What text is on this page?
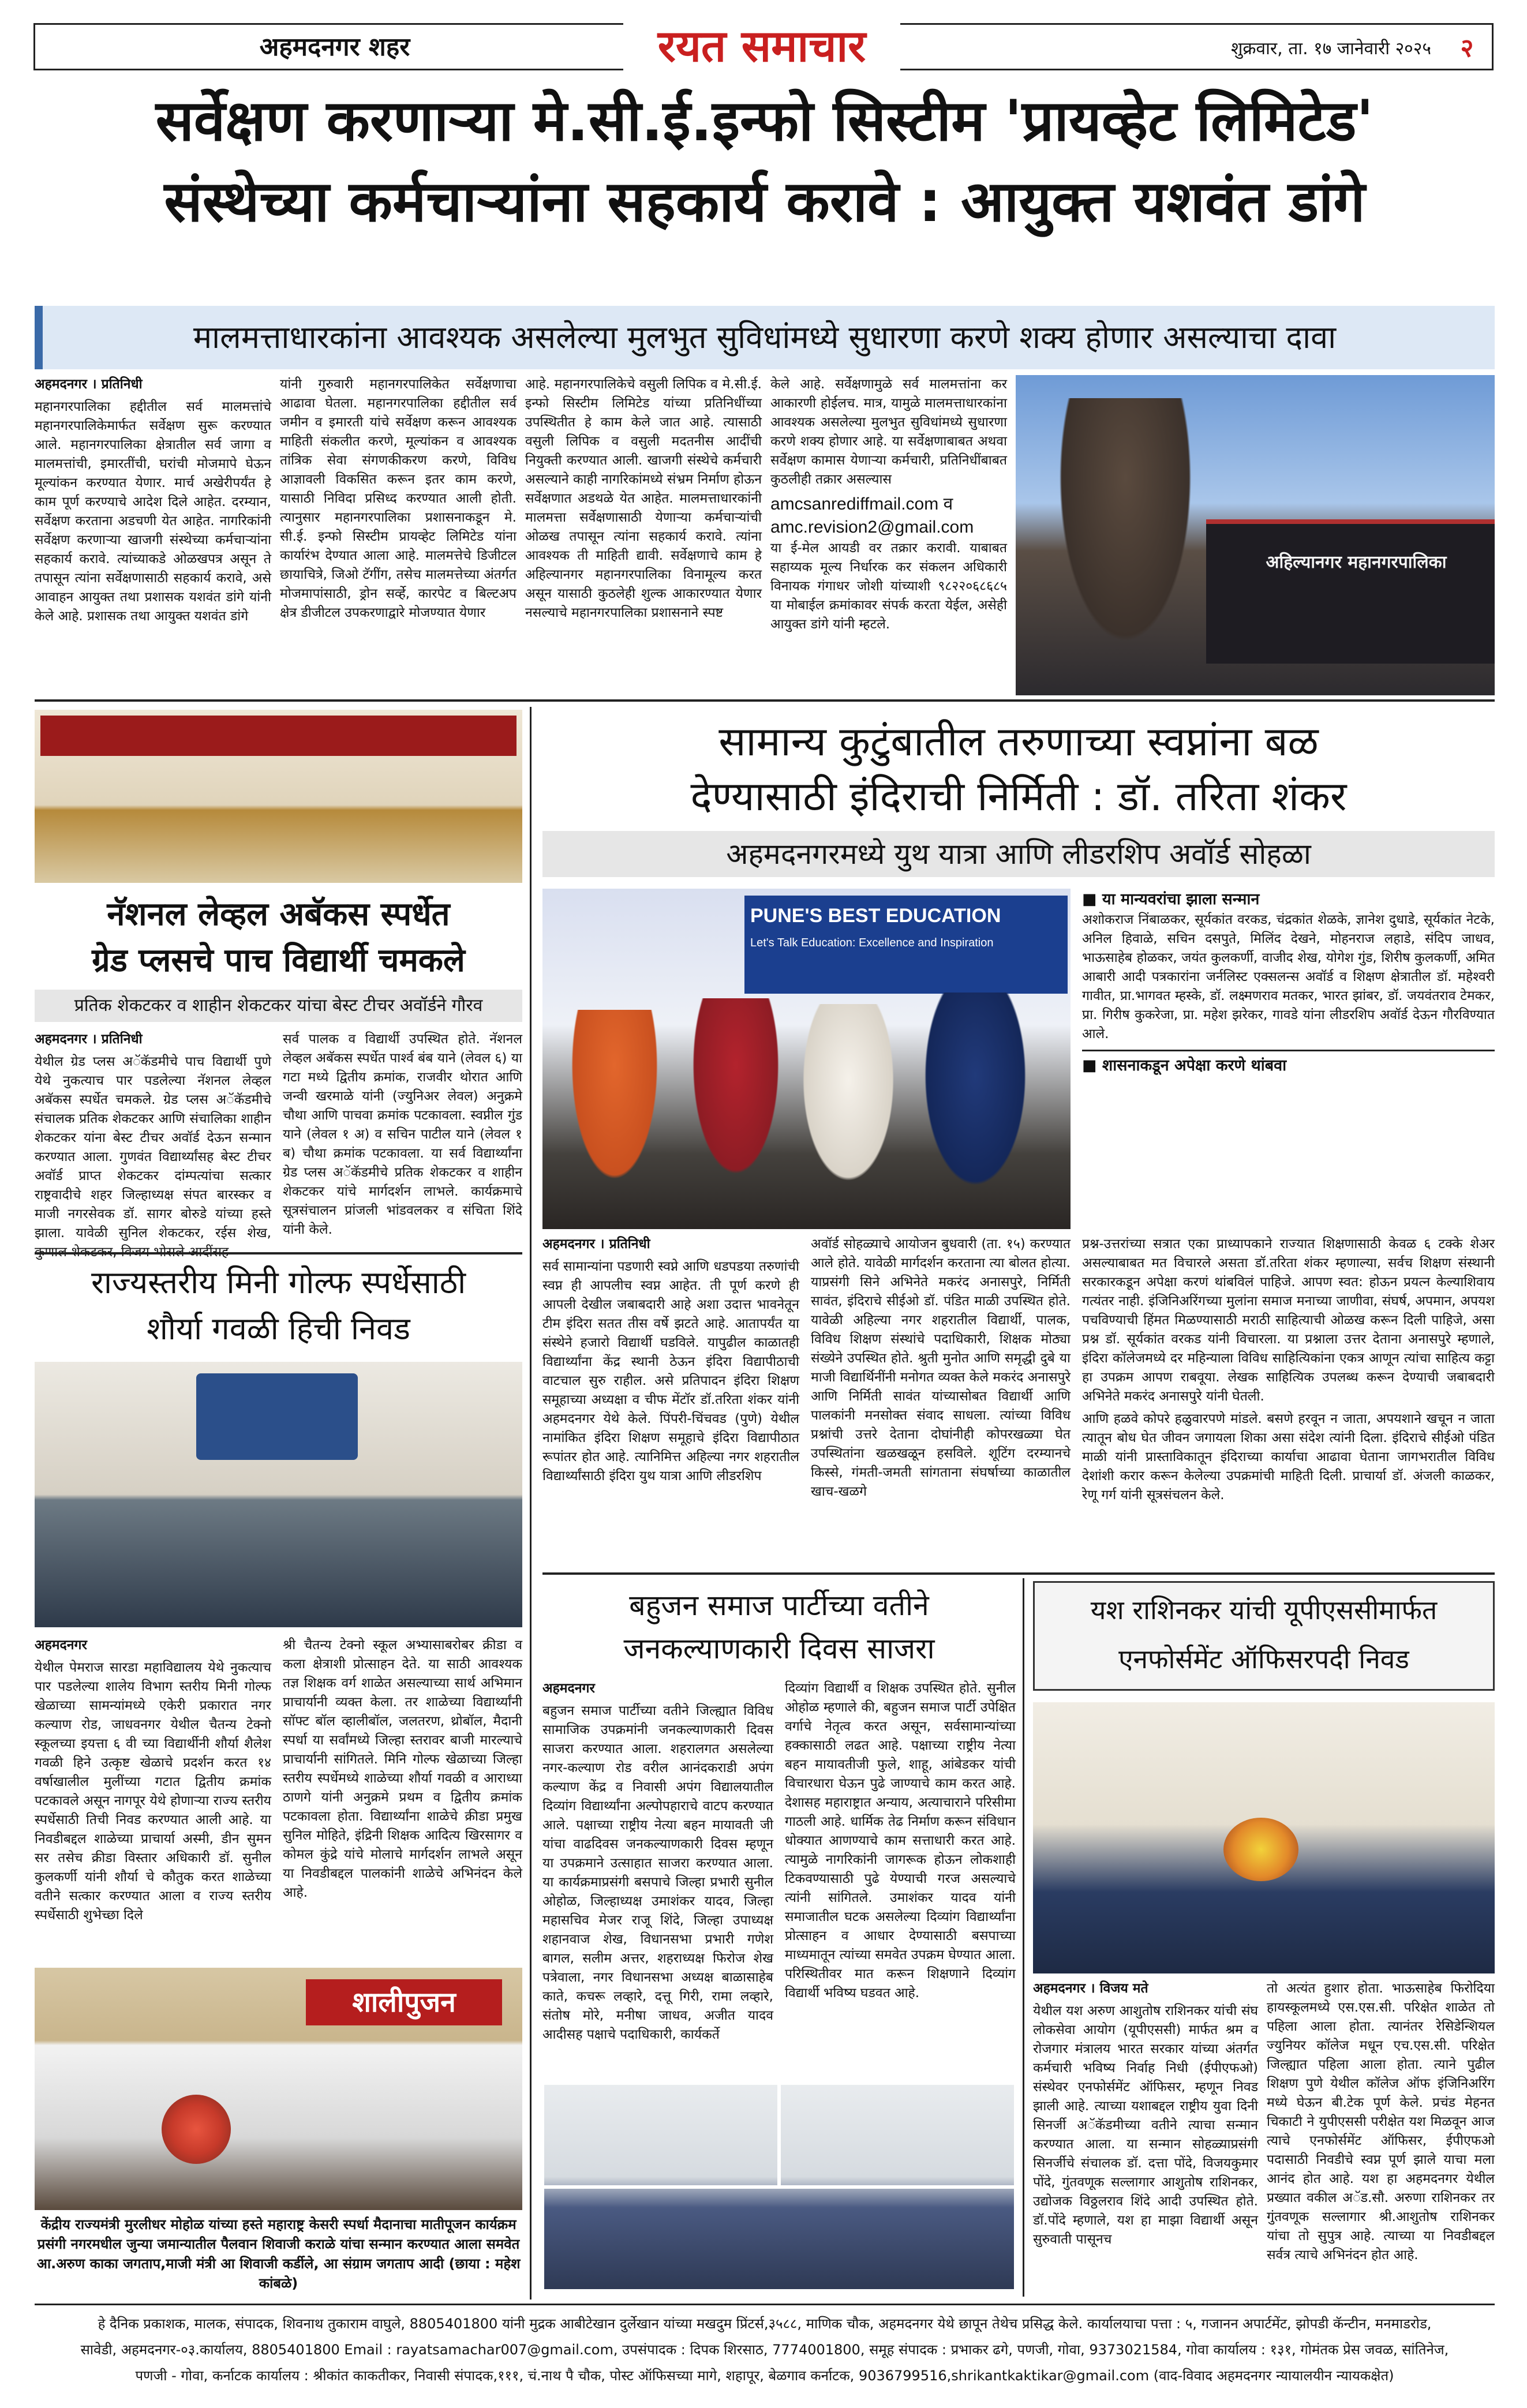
अहमदनगर शहर	रयत समाचार	शुक्रवार, ता. १७ जानेवारी २०२५	२
सर्वेक्षण करणाऱ्या मे.सी.ई.इन्फो सिस्टीम 'प्रायव्हेट लिमिटेड'
संस्थेच्या कर्मचाऱ्यांना सहकार्य करावे : आयुक्त यशवंत डांगे
मालमत्ताधारकांना आवश्यक असलेल्या मुलभुत सुविधांमध्ये सुधारणा करणे शक्य होणार असल्याचा दावा

अहमदनगर । प्रतिनिधी

महानगरपालिका हद्दीतील सर्व मालमत्तांचे महानगरपालिकेमार्फत सर्वेक्षण सुरू करण्यात आले. महानगरपालिका क्षेत्रातील सर्व जागा व मालमत्तांची, इमारतींची, घरांची मोजमापे घेऊन मूल्यांकन करण्यात येणार. मार्च अखेरीपर्यंत हे काम पूर्ण करण्याचे आदेश दिले आहेत. दरम्यान, सर्वेक्षण करताना अडचणी येत आहेत. नागरिकांनी सर्वेक्षण करणाऱ्या खाजगी संस्थेच्या कर्मचाऱ्यांना सहकार्य करावे. त्यांच्याकडे ओळखपत्र असून ते तपासून त्यांना सर्वेक्षणासाठी सहकार्य करावे, असे आवाहन आयुक्त तथा प्रशासक यशवंत डांगे यांनी केले आहे. प्रशासक तथा आयुक्त यशवंत डांगे

यांनी गुरुवारी महानगरपालिकेत सर्वेक्षणाचा आढावा घेतला. महानगरपालिका हद्दीतील सर्व जमीन व इमारती यांचे सर्वेक्षण करून आवश्यक माहिती संकलीत करणे, मूल्यांकन व आवश्यक तांत्रिक सेवा संगणकीकरण करणे, विविध आज्ञावली विकसित करून इतर काम करणे, यासाठी निविदा प्रसिध्द करण्यात आली होती. त्यानुसार महानगरपालिका प्रशासनाकडून मे. सी.ई. इन्फो सिस्टीम प्रायव्हेट लिमिटेड यांना कार्यारंभ देण्यात आला आहे. मालमत्तेचे डिजीटल छायाचित्रे, जिओ टॅगींग, तसेच मालमत्तेच्या अंतर्गत मोजमापांसाठी, ड्रोन सर्व्हे, कारपेट व बिल्टअप क्षेत्र डीजीटल उपकरणाद्वारे मोजण्यात येणार

आहे. महानगरपालिकेचे वसुली लिपिक व मे.सी.ई. इन्फो सिस्टीम लिमिटेड यांच्या प्रतिनिधींच्या उपस्थितीत हे काम केले जात आहे. त्यासाठी वसुली लिपिक व वसुली मदतनीस आदींची नियुक्ती करण्यात आली. खाजगी संस्थेचे कर्मचारी असल्याने काही नागरिकांमध्ये संभ्रम निर्माण होऊन सर्वेक्षणात अडथळे येत आहेत. मालमत्ताधारकांनी मालमत्ता सर्वेक्षणासाठी येणाऱ्या कर्मचाऱ्यांची ओळख तपासून त्यांना सहकार्य करावे. त्यांना आवश्यक ती माहिती द्यावी. सर्वेक्षणाचे काम हे अहिल्यानगर महानगरपालिका विनामूल्य करत असून यासाठी कुठलेही शुल्क आकारण्यात येणार नसल्याचे महानगरपालिका प्रशासनाने स्पष्ट

केले आहे. सर्वेक्षणामुळे सर्व मालमत्तांना कर आकारणी होईलच. मात्र, यामुळे मालमत्ताधारकांना आवश्यक असलेल्या मुलभुत सुविधांमध्ये सुधारणा करणे शक्य होणार आहे. या सर्वेक्षणाबाबत अथवा सर्वेक्षण कामास येणाऱ्या कर्मचारी, प्रतिनिधींबाबत कुठलीही तक्रार असल्यास

amcsanrediffmail.com व
amc.revision2@gmail.com

या ई-मेल आयडी वर तक्रार करावी. याबाबत सहाय्यक मूल्य निर्धारक कर संकलन अधिकारी विनायक गंगाधर जोशी यांच्याशी ९८२२०६८६८५ या मोबाईल क्रमांकावर संपर्क करता येईल, असेही आयुक्त डांगे यांनी म्हटले.

अहिल्यानगर महानगरपालिका
नॅशनल लेव्हल अबॅकस स्पर्धेत
ग्रेड प्लसचे पाच विद्यार्थी चमकले
प्रतिक शेकटकर व शाहीन शेकटकर यांचा बेस्ट टीचर अवॉर्डने गौरव

अहमदनगर । प्रतिनिधी

येथील ग्रेड प्लस अॅकॅडमीचे पाच विद्यार्थी पुणे येथे नुकत्याच पार पडलेल्या नॅशनल लेव्हल अबॅकस स्पर्धेत चमकले. ग्रेड प्लस अॅकॅडमीचे संचालक प्रतिक शेकटकर आणि संचालिका शाहीन शेकटकर यांना बेस्ट टीचर अवॉर्ड देऊन सन्मान करण्यात आला. गुणवंत विद्यार्थ्यांसह बेस्ट टीचर अवॉर्ड प्राप्त शेकटकर दांम्पत्यांचा सत्कार राष्ट्रवादीचे शहर जिल्हाध्यक्ष संपत बारस्कर व माजी नगरसेवक डॉ. सागर बोरुडे यांच्या हस्ते झाला. यावेळी सुनिल शेकटकर, रईस शेख,

सर्व पालक व विद्यार्थी उपस्थित होते. नॅशनल लेव्हल अबॅकस स्पर्धेत पार्श्व बंब याने (लेवल ६) या गटा मध्ये द्वितीय क्रमांक, राजवीर थोरात आणि जन्वी खरमाळे यांनी (ज्युनिअर लेवल) अनुक्रमे चौथा आणि पाचवा क्रमांक पटकावला. स्वप्नील गुंड याने (लेवल १ अ) व सचिन पाटील याने (लेवल १ ब) चौथा क्रमांक पटकावला. या सर्व विद्यार्थ्यांना ग्रेड प्लस अॅकॅडमीचे प्रतिक शेकटकर व शाहीन शेकटकर यांचे मार्गदर्शन लाभले. कार्यक्रमाचे सूत्रसंचालन प्रांजली भांडवलकर व संचिता शिंदे यांनी केले.

राज्यस्तरीय मिनी गोल्फ स्पर्धेसाठी
शौर्या गवळी हिची निवड

अहमदनगर

येथील पेमराज सारडा महाविद्यालय येथे नुकत्याच पार पडलेल्या शालेय विभाग स्तरीय मिनी गोल्फ खेळाच्या सामन्यांमध्ये एकेरी प्रकारात नगर कल्याण रोड, जाधवनगर येथील चैतन्य टेक्नो स्कूलच्या इयत्ता ६ वी च्या विद्यार्थीनी शौर्या शैलेश गवळी हिने उत्कृष्ट खेळाचे प्रदर्शन करत १४ वर्षाखालील मुलींच्या गटात द्वितीय क्रमांक पटकावले असून नागपूर येथे होणाऱ्या राज्य स्तरीय स्पर्धेसाठी तिची निवड करण्यात आली आहे. या निवडीबद्दल शाळेच्या प्राचार्या अस्मी, डीन सुमन सर तसेच क्रीडा विस्तार अधिकारी डॉ. सुनील कुलकर्णी यांनी शौर्या चे कौतुक करत शाळेच्या वतीने सत्कार करण्यात आला व राज्य स्तरीय स्पर्धेसाठी शुभेच्छा दिले

श्री चैतन्य टेक्नो स्कूल अभ्यासाबरोबर क्रीडा व कला क्षेत्राशी प्रोत्साहन देते. या साठी आवश्यक तज्ञ शिक्षक वर्ग शाळेत असल्याच्या सार्थ अभिमान प्राचार्यानी व्यक्त केला. तर शाळेच्या विद्यार्थ्यांनी सॉफ्ट बॉल व्हालीबॉल, जलतरण, थ्रोबॉल, मैदानी स्पर्धा या सर्वांमध्ये जिल्हा स्तरावर बाजी मारल्याचे प्राचार्यानी सांगितले. मिनि गोल्फ खेळाच्या जिल्हा स्तरीय स्पर्धेमध्ये शाळेच्या शौर्या गवळी व आराध्या ठाणगे यांनी अनुक्रमे प्रथम व द्वितीय क्रमांक पटकावला होता. विद्यार्थ्यांना शाळेचे क्रीडा प्रमुख सुनिल मोहिते, इंद्रिनी शिक्षक आदित्य खिरसागर व कोमल कुंद्रे यांचे मोलाचे मार्गदर्शन लाभले असून या निवडीबद्दल पालकांनी शाळेचे अभिनंदन केले आहे.

शालीपुजन
केंद्रीय राज्यमंत्री मुरलीधर मोहोळ यांच्या हस्ते महाराष्ट्र केसरी स्पर्धा मैदानाचा मातीपूजन कार्यक्रम प्रसंगी नगरमधील जुन्या जमान्यातील पैलवान शिवाजी कराळे यांचा सन्मान करण्यात आला समवेत आ.अरुण काका जगताप,माजी मंत्री आ शिवाजी कर्डीले, आ संग्राम जगताप आदी (छाया : महेश कांबळे)
सामान्य कुटुंबातील तरुणाच्या स्वप्नांना बळ
देण्यासाठी इंदिराची निर्मिती : डॉ. तरिता शंकर
अहमदनगरमध्ये युथ यात्रा आणि लीडरशिप अवॉर्ड सोहळा
PUNE'S BEST EDUCATION
Let's Talk Education: Excellence and Inspiration
■ या मान्यवरांचा झाला सन्मान
अशोकराज निंबाळकर, सूर्यकांत वरकड, चंद्रकांत शेळके, ज्ञानेश दुधाडे, सूर्यकांत नेटके, अनिल हिवाळे, सचिन दसपुते, मिलिंद देखने, मोहनराज लहाडे, संदिप जाधव, भाऊसाहेब होळकर, जयंत कुलकर्णी, वाजीद शेख, योगेश गुंड, शिरीष कुलकर्णी, अमित आबारी आदी पत्रकारांना जर्नलिस्ट एक्सलन्स अवॉर्ड व शिक्षण क्षेत्रातील डॉ. महेश्वरी गावीत, प्रा.भागवत म्हस्के, डॉ. लक्ष्मणराव मतकर, भारत झांबर, डॉ. जयवंतराव टेमकर, प्रा. गिरीष कुकरेजा, प्रा. महेश झरेकर, गावडे यांना लीडरशिप अवॉर्ड देऊन गौरविण्यात आले.
■ शासनाकडून अपेक्षा करणे थांबवा

अहमदनगर । प्रतिनिधी

सर्व सामान्यांना पडणारी स्वप्ने आणि धडपडया तरुणांची स्वप्न ही आपलीच स्वप्न आहेत. ती पूर्ण करणे ही आपली देखील जबाबदारी आहे अशा उदात्त भावनेतून टीम इंदिरा सतत तीस वर्षे झटते आहे. आतापर्यंत या संस्थेने हजारो विद्यार्थी घडविले. यापुढील काळातही विद्यार्थ्यांना केंद्र स्थानी ठेऊन इंदिरा विद्यापीठाची वाटचाल सुरु राहील. असे प्रतिपादन इंदिरा शिक्षण समूहाच्या अध्यक्षा व चीफ मेंटॉर डॉ.तरिता शंकर यांनी अहमदनगर येथे केले. पिंपरी-चिंचवड (पुणे) येथील नामांकित इंदिरा शिक्षण समूहाचे इंदिरा विद्यापीठात रूपांतर होत आहे. त्यानिमित्त अहिल्या नगर शहरातील विद्यार्थ्यांसाठी इंदिरा युथ यात्रा आणि लीडरशिप

अवॉर्ड सोहळ्याचे आयोजन बुधवारी (ता. १५) करण्यात आले होते. यावेळी मार्गदर्शन करताना त्या बोलत होत्या. याप्रसंगी सिने अभिनेते मकरंद अनासपुरे, निर्मिती सावंत, इंदिराचे सीईओ डॉ. पंडित माळी उपस्थित होते. यावेळी अहिल्या नगर शहरातील विद्यार्थी, पालक, विविध शिक्षण संस्थांचे पदाधिकारी, शिक्षक मोठ्या संख्येने उपस्थित होते. श्रुती मुनोत आणि समृद्धी दुबे या माजी विद्यार्थिनींनी मनोगत व्यक्त केले मकरंद अनासपुरे आणि निर्मिती सावंत यांच्यासोबत विद्यार्थी आणि पालकांनी मनसोक्त संवाद साधला. त्यांच्या विविध प्रश्नांची उत्तरे देताना दोघांनीही कोपरखळ्या घेत उपस्थितांना खळखळून हसविले. शूटिंग दरम्यानचे किस्से, गंमती-जमती सांगताना संघर्षाच्या काळातील खाच-खळगे

प्रश्न-उत्तरांच्या सत्रात एका प्राध्यापकाने राज्यात शिक्षणासाठी केवळ ६ टक्के शेअर असल्याबाबत मत विचारले असता डॉ.तरिता शंकर म्हणाल्या, सर्वच शिक्षण संस्थानी सरकारकडून अपेक्षा करणं थांबविलं पाहिजे. आपण स्वत: होऊन प्रयत्न केल्याशिवाय गत्यंतर नाही. इंजिनिअरिंगच्या मुलांना समाज मनाच्या जाणीवा, संघर्ष, अपमान, अपयश पचविण्याची हिंमत मिळण्यासाठी मराठी साहित्याची ओळख करून दिली पाहिजे, असा प्रश्न डॉ. सूर्यकांत वरकड यांनी विचारला. या प्रश्नाला उत्तर देताना अनासपुरे म्हणाले, इंदिरा कॉलेजमध्ये दर महिन्याला विविध साहित्यिकांना एकत्र आणून त्यांचा साहित्य कट्टा हा उपक्रम आपण राबवूया. लेखक साहित्यिक उपलब्ध करून देण्याची जबाबदारी अभिनेते मकरंद अनासपुरे यांनी घेतली.

आणि हळवे कोपरे हळुवारपणे मांडले. बसणे हरवून न जाता, अपयशाने खचून न जाता त्यातून बोध घेत जीवन जगायला शिका असा संदेश त्यांनी दिला. इंदिराचे सीईओ पंडित माळी यांनी प्रास्ताविकातून इंदिराच्या कार्याचा आढावा घेताना जागभरातील विविध देशांशी करार करून केलेल्या उपक्रमांची माहिती दिली. प्राचार्या डॉ. अंजली काळकर, रेणू गर्ग यांनी सूत्रसंचलन केले.

बहुजन समाज पार्टीच्या वतीने
जनकल्याणकारी दिवस साजरा

अहमदनगर

बहुजन समाज पार्टीच्या वतीने जिल्ह्यात विविध सामाजिक उपक्रमांनी जनकल्याणकारी दिवस साजरा करण्यात आला. शहरालगत असलेल्या नगर-कल्याण रोड वरील आनंदकराडी अपंग कल्याण केंद्र व निवासी अपंग विद्यालयातील दिव्यांग विद्यार्थ्यांना अल्पोपहाराचे वाटप करण्यात आले. पक्षाच्या राष्ट्रीय नेत्या बहन मायावती जी यांचा वाढदिवस जनकल्याणकारी दिवस म्हणून या उपक्रमाने उत्साहात साजरा करण्यात आला. या कार्यक्रमाप्रसंगी बसपाचे जिल्हा प्रभारी सुनील ओहोळ, जिल्हाध्यक्ष उमाशंकर यादव, जिल्हा महासचिव मेजर राजू शिंदे, जिल्हा उपाध्यक्ष शहानवाज शेख, विधानसभा प्रभारी गणेश बागल, सलीम अत्तर, शहराध्यक्ष फिरोज शेख पत्रेवाला, नगर विधानसभा अध्यक्ष बाळासाहेब काते, कचरू लव्हारे, दत्तू गिरी, रामा लव्हारे, संतोष मोरे, मनीषा जाधव, अजीत यादव आदीसह पक्षाचे पदाधिकारी, कार्यकर्ते

दिव्यांग विद्यार्थी व शिक्षक उपस्थित होते. सुनील ओहोळ म्हणाले की, बहुजन समाज पार्टी उपेक्षित वर्गाचे नेतृत्व करत असून, सर्वसामान्यांच्या हक्कासाठी लढत आहे. पक्षाच्या राष्ट्रीय नेत्या बहन मायावतीजी फुले, शाहू, आंबेडकर यांची विचारधारा घेऊन पुढे जाण्याचे काम करत आहे. देशासह महाराष्ट्रात अन्याय, अत्याचाराने परिसीमा गाठली आहे. धार्मिक तेढ निर्माण करून संविधान धोक्यात आणण्याचे काम सत्ताधारी करत आहे. त्यामुळे नागरिकांनी जागरूक होऊन लोकशाही टिकवण्यासाठी पुढे येण्याची गरज असल्याचे त्यांनी सांगितले. उमाशंकर यादव यांनी समाजातील घटक असलेल्या दिव्यांग विद्यार्थ्यांना प्रोत्साहन व आधार देण्यासाठी बसपाच्या माध्यमातून त्यांच्या समवेत उपक्रम घेण्यात आला. परिस्थितीवर मात करून शिक्षणाने दिव्यांग विद्यार्थी भविष्य घडवत आहे.

यश राशिनकर यांची यूपीएससीमार्फत
एनफोर्समेंट ऑफिसरपदी निवड

अहमदनगर । विजय मते

येथील यश अरुण आशुतोष राशिनकर यांची संघ लोकसेवा आयोग (यूपीएससी) मार्फत श्रम व रोजगार मंत्रालय भारत सरकार यांच्या अंतर्गत कर्मचारी भविष्य निर्वाह निधी (ईपीएफओ) संस्थेवर एनफोर्समेंट ऑफिसर, म्हणून निवड झाली आहे. त्याच्या यशाबद्दल राष्ट्रीय युवा दिनी सिनर्जी अॅकॅडमीच्या वतीने त्याचा सन्मान करण्यात आला. या सन्मान सोहळ्याप्रसंगी सिनर्जीचे संचालक डॉ. दत्ता पोंदे, विजयकुमार पोंदे, गुंतवणूक सल्लागार आशुतोष राशिनकर, उद्योजक विठ्ठलराव शिंदे आदी उपस्थित होते. डॉ.पोंदे म्हणाले, यश हा माझा विद्यार्थी असून सुरुवाती पासूनच

तो अत्यंत हुशार होता. भाऊसाहेब फिरोदिया हायस्कूलमध्ये एस.एस.सी. परिक्षेत शाळेत तो पहिला आला होता. त्यानंतर रेसिडेन्शियल ज्युनियर कॉलेज मधून एच.एस.सी. परिक्षेत जिल्ह्यात पहिला आला होता. त्याने पुढील शिक्षण पुणे येथील कॉलेज ऑफ इंजिनिअरिंग मध्ये घेऊन बी.टेक पूर्ण केले. प्रचंड मेहनत चिकाटी ने युपीएससी परीक्षेत यश मिळवून आज त्याचे एनफोर्समेंट ऑफिसर, ईपीएफओ पदासाठी निवडीचे स्वप्न पूर्ण झाले याचा मला आनंद होत आहे. यश हा अहमदनगर येथील प्रख्यात वकील अॅड.सौ. अरुणा राशिनकर तर गुंतवणूक सल्लागार श्री.आशुतोष राशिनकर यांचा तो सुपुत्र आहे. त्याच्या या निवडीबद्दल सर्वत्र त्याचे अभिनंदन होत आहे.

हे दैनिक प्रकाशक, मालक, संपादक, शिवनाथ तुकाराम वाघुले, 8805401800 यांनी मुद्रक आबीटेखान दुर्लेखान यांच्या मखदुम प्रिंटर्स,३५८८, माणिक चौक, अहमदनगर येथे छापून तेथेच प्रसिद्ध केले. कार्यालयाचा पत्ता : ५, गजानन अपार्टमेंट, झोपडी कॅन्टीन, मनमाडरोड,
सावेडी, अहमदनगर-०३.कार्यालय, 8805401800 Email : rayatsamachar007@gmail.com, उपसंपादक : दिपक शिरसाठ, 7774001800, समूह संपादक : प्रभाकर ढगे, पणजी, गोवा, 9373021584, गोवा कार्यालय : १३१, गोमंतक प्रेस जवळ, सांतिनेज,
पणजी - गोवा, कर्नाटक कार्यालय : श्रीकांत काकतीकर, निवासी संपादक,१११, चं.नाथ पै चौक, पोस्ट ऑफिसच्या मागे, शहापूर, बेळगाव कर्नाटक, 9036799516,shrikantkaktikar@gmail.com (वाद-विवाद अहमदनगर न्यायालयीन न्यायकक्षेत)
